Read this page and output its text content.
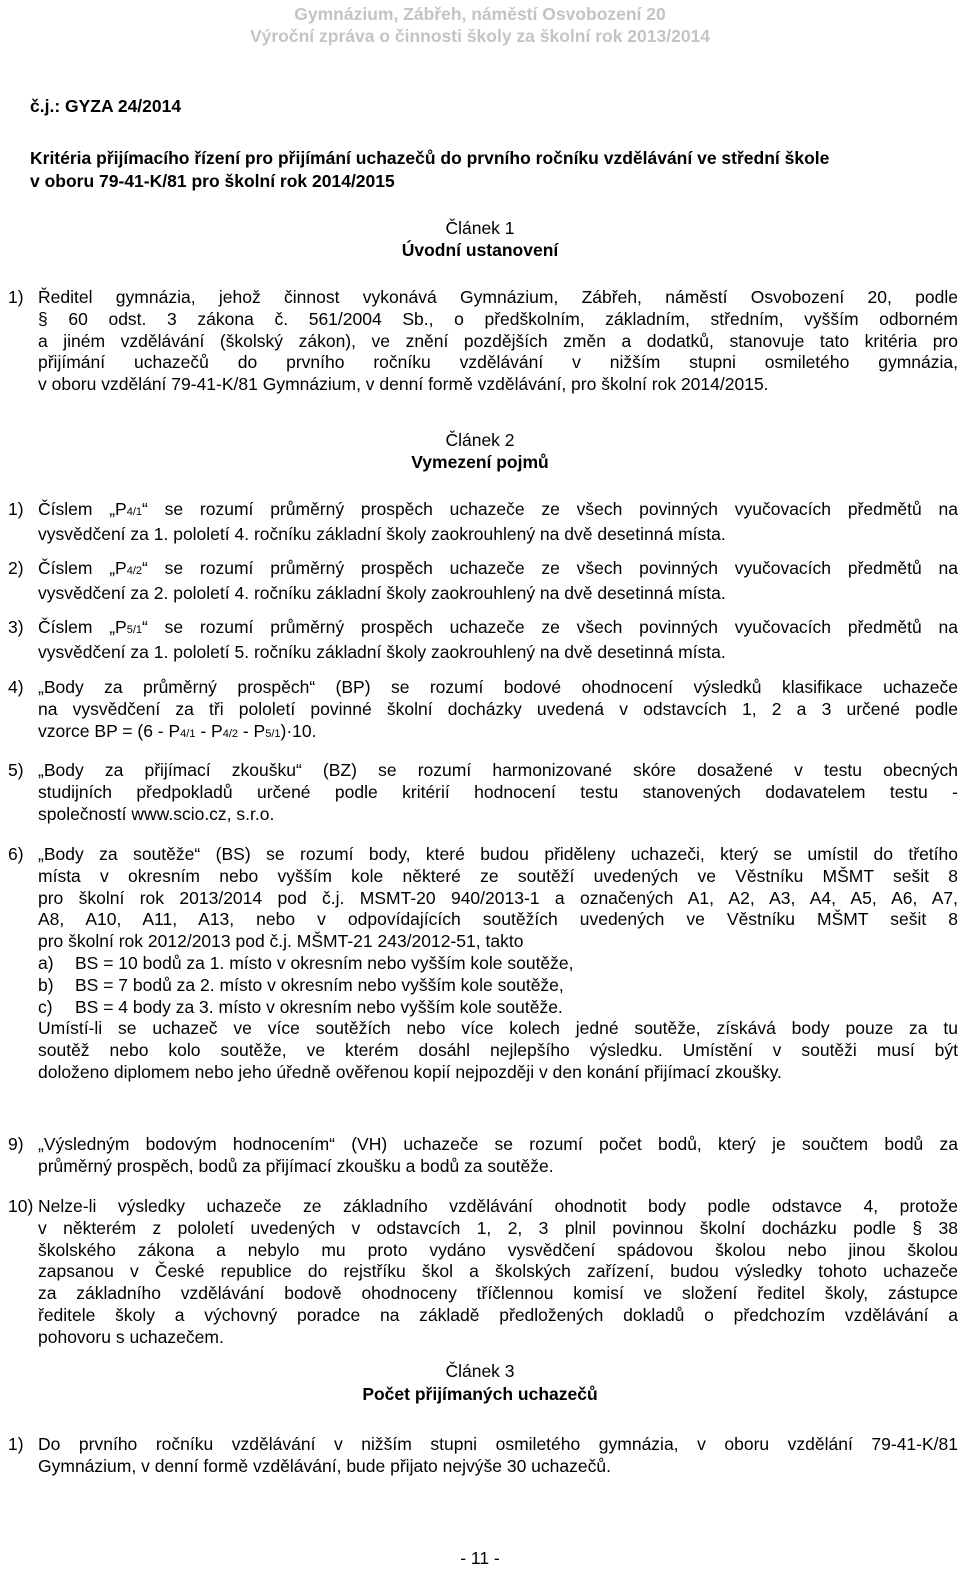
Gymnázium, Zábřeh, náměstí Osvobození 20
Výroční zpráva o činnosti školy za školní rok 2013/2014
č.j.: GYZA 24/2014
Kritéria přijímacího řízení pro přijímání uchazečů do prvního ročníku vzdělávání ve střední škole
v oboru 79-41-K/81 pro školní rok 2014/2015
Článek 1
Úvodní ustanovení
1) Ředitel gymnázia, jehož činnost vykonává Gymnázium, Zábřeh, náměstí Osvobození 20, podle
§ 60 odst. 3 zákona č. 561/2004 Sb., o předškolním, základním, středním, vyšším odborném
a jiném vzdělávání (školský zákon), ve znění pozdějších změn a dodatků, stanovuje tato kritéria pro
přijímání uchazečů do prvního ročníku vzdělávání v nižším stupni osmiletého gymnázia,
v oboru vzdělání 79-41-K/81 Gymnázium, v denní formě vzdělávání, pro školní rok 2014/2015.
Článek 2
Vymezení pojmů
1) Číslem „P4/1“ se rozumí průměrný prospěch uchazeče ze všech povinných vyučovacích předmětů na
vysvědčení za 1. pololetí 4. ročníku základní školy zaokrouhlený na dvě desetinná místa.
2) Číslem „P4/2“ se rozumí průměrný prospěch uchazeče ze všech povinných vyučovacích předmětů na
vysvědčení za 2. pololetí 4. ročníku základní školy zaokrouhlený na dvě desetinná místa.
3) Číslem „P5/1“ se rozumí průměrný prospěch uchazeče ze všech povinných vyučovacích předmětů na
vysvědčení za 1. pololetí 5. ročníku základní školy zaokrouhlený na dvě desetinná místa.
4) „Body za průměrný prospěch“ (BP) se rozumí bodové ohodnocení výsledků klasifikace uchazeče
na vysvědčení za tři pololetí povinné školní docházky uvedená v odstavcích 1, 2 a 3 určené podle
vzorce BP = (6 - P4/1 - P4/2 - P5/1)·10.
5) „Body za přijímací zkoušku“ (BZ) se rozumí harmonizované skóre dosažené v testu obecných
studijních předpokladů určené podle kritérií hodnocení testu stanovených dodavatelem testu -
společností www.scio.cz, s.r.o.
6) „Body za soutěže“ (BS) se rozumí body, které budou přiděleny uchazeči, který se umístil do třetího
místa v okresním nebo vyšším kole některé ze soutěží uvedených ve Věstníku MŠMT sešit 8
pro školní rok 2013/2014 pod č.j. MSMT-20 940/2013-1 a označených A1, A2, A3, A4, A5, A6, A7,
A8, A10, A11, A13, nebo v odpovídajících soutěžích uvedených ve Věstníku MŠMT sešit 8
pro školní rok 2012/2013 pod č.j. MŠMT-21 243/2012-51, takto
a) BS = 10 bodů za 1. místo v okresním nebo vyšším kole soutěže,
b) BS = 7 bodů za 2. místo v okresním nebo vyšším kole soutěže,
c) BS = 4 body za 3. místo v okresním nebo vyšším kole soutěže.
Umístí-li se uchazeč ve více soutěžích nebo více kolech jedné soutěže, získává body pouze za tu
soutěž nebo kolo soutěže, ve kterém dosáhl nejlepšího výsledku. Umístění v soutěži musí být
doloženo diplomem nebo jeho úředně ověřenou kopií nejpozději v den konání přijímací zkoušky.
9) „Výsledným bodovým hodnocením“ (VH) uchazeče se rozumí počet bodů, který je součtem bodů za
průměrný prospěch, bodů za přijímací zkoušku a bodů za soutěže.
10) Nelze-li výsledky uchazeče ze základního vzdělávání ohodnotit body podle odstavce 4, protože
v některém z pololetí uvedených v odstavcích 1, 2, 3 plnil povinnou školní docházku podle § 38
školského zákona a nebylo mu proto vydáno vysvědčení spádovou školou nebo jinou školou
zapsanou v České republice do rejstříku škol a školských zařízení, budou výsledky tohoto uchazeče
za základního vzdělávání bodově ohodnoceny tříčlennou komisí ve složení ředitel školy, zástupce
ředitele školy a výchovný poradce na základě předložených dokladů o předchozím vzdělávání a
pohovoru s uchazečem.
Článek 3
Počet přijímaných uchazečů
1) Do prvního ročníku vzdělávání v nižším stupni osmiletého gymnázia, v oboru vzdělání 79-41-K/81
Gymnázium, v denní formě vzdělávání, bude přijato nejvýše 30 uchazečů.
- 11 -
